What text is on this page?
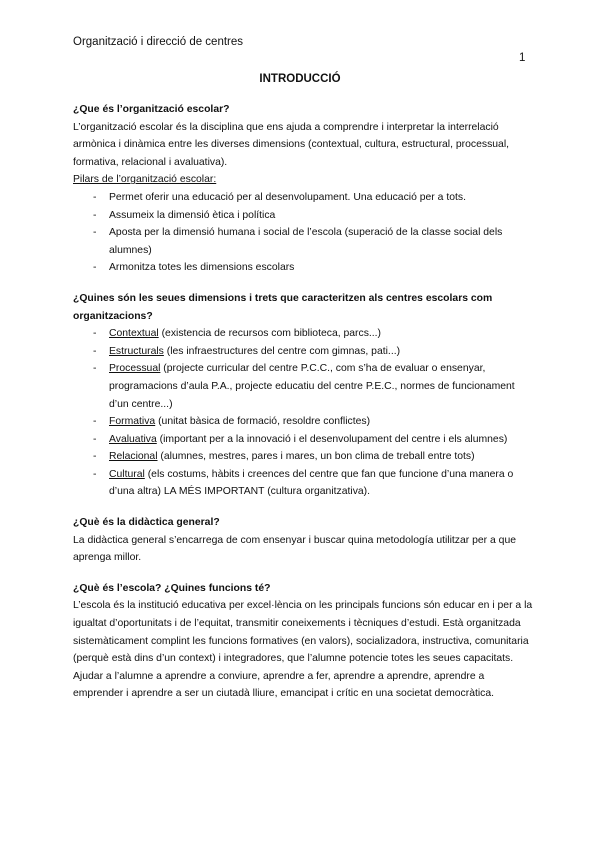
Organització i direcció de centres
1
INTRODUCCIÓ

¿Que és l’organització escolar?

L’organització escolar és la disciplina que ens ajuda a comprendre i interpretar la interrelació armònica i dinàmica entre les diverses dimensions (contextual, cultura, estructural, processual, formativa, relacional i avaluativa).

Pilars de l’organització escolar:

- Permet oferir una educació per al desenvolupament. Una educació per a tots.
- Assumeix la dimensió ètica i política
- Aposta per la dimensió humana i social de l’escola (superació de la classe social dels alumnes)
- Armonitza totes les dimensions escolars

¿Quines són les seues dimensions i trets que caracteritzen als centres escolars com organitzacions?

- Contextual (existencia de recursos com biblioteca, parcs...)
- Estructurals (les infraestructures del centre com gimnas, pati...)
- Processual (projecte curricular del centre P.C.C., com s’ha de evaluar o ensenyar, programacions d’aula P.A., projecte educatiu del centre P.E.C., normes de funcionament d’un centre...)
- Formativa (unitat bàsica de formació, resoldre conflictes)
- Avaluativa (important per a la innovació i el desenvolupament del centre i els alumnes)
- Relacional (alumnes, mestres, pares i mares, un bon clima de treball entre tots)
- Cultural (els costums, hàbits i creences del centre que fan que funcione d’una manera o d’una altra) LA MÉS IMPORTANT (cultura organitzativa).

¿Què és la didàctica general?

La didàctica general s’encarrega de com ensenyar i buscar quina metodología utilitzar per a que aprenga millor.

¿Què és l’escola? ¿Quines funcions té?

L’escola és la institució educativa per excel·lència on les principals funcions són educar en i per a la igualtat d’oportunitats i de l’equitat, transmitir coneixements i tècniques d’estudi. Està organitzada sistemàticament complint les funcions formatives (en valors), socializadora, instructiva, comunitaria (perquè està dins d’un context) i integradores, que l’alumne potencie totes les seues capacitats.

Ajudar a l’alumne a aprendre a conviure, aprendre a fer, aprendre a aprendre, aprendre a emprender i aprendre a ser un ciutadà lliure, emancipat i crític en una societat democràtica.
